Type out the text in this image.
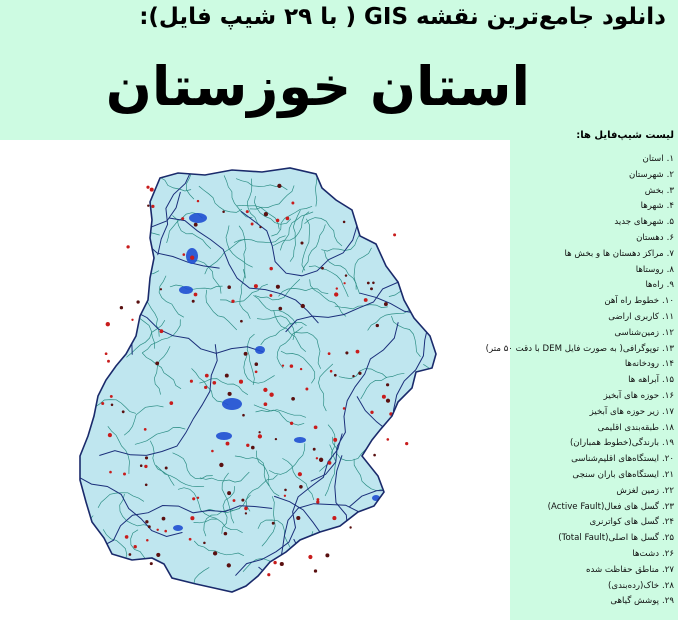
دانلود جامع‌ترین نقشه GIS ( با ۲۹ شیپ فایل):
استان خوزستان
لیست شیپ‌فایل ها:
۱.استان
۲.شهرستان
۳.بخش
۴.شهرها
۵.شهرهای جدید
۶.دهستان
۷.مراکز دهستان ها و بخش ها
۸.روستاها
۹.راه‌ها
۱۰.خطوط راه آهن
۱۱.کاربری اراضی
۱۲.زمین‌شناسی
۱۳.توپوگرافی( به صورت فایل DEM با دقت ۵۰ متر)
۱۴.رودخانه‌ها
۱۵.آبراهه ها
۱۶.حوزه های آبخیز
۱۷.زیر حوزه های آبخیز
۱۸.طبقه‌بندی اقلیمی
۱۹.بارندگی(خطوط همباران)
۲۰.ایستگاه‌های اقلیم‌شناسی
۲۱.ایستگاه‌های باران سنجی
۲۲.زمین لغزش
۲۳.گسل های فعال(Active Fault)
۲۴.گسل های کواترنری
۲۵.گسل ها اصلی(Total Fault)
۲۶.دشت‌ها
۲۷.مناطق حفاظت شده
۲۸.خاک(رده‌بندی)
۲۹.پوشش گیاهی
